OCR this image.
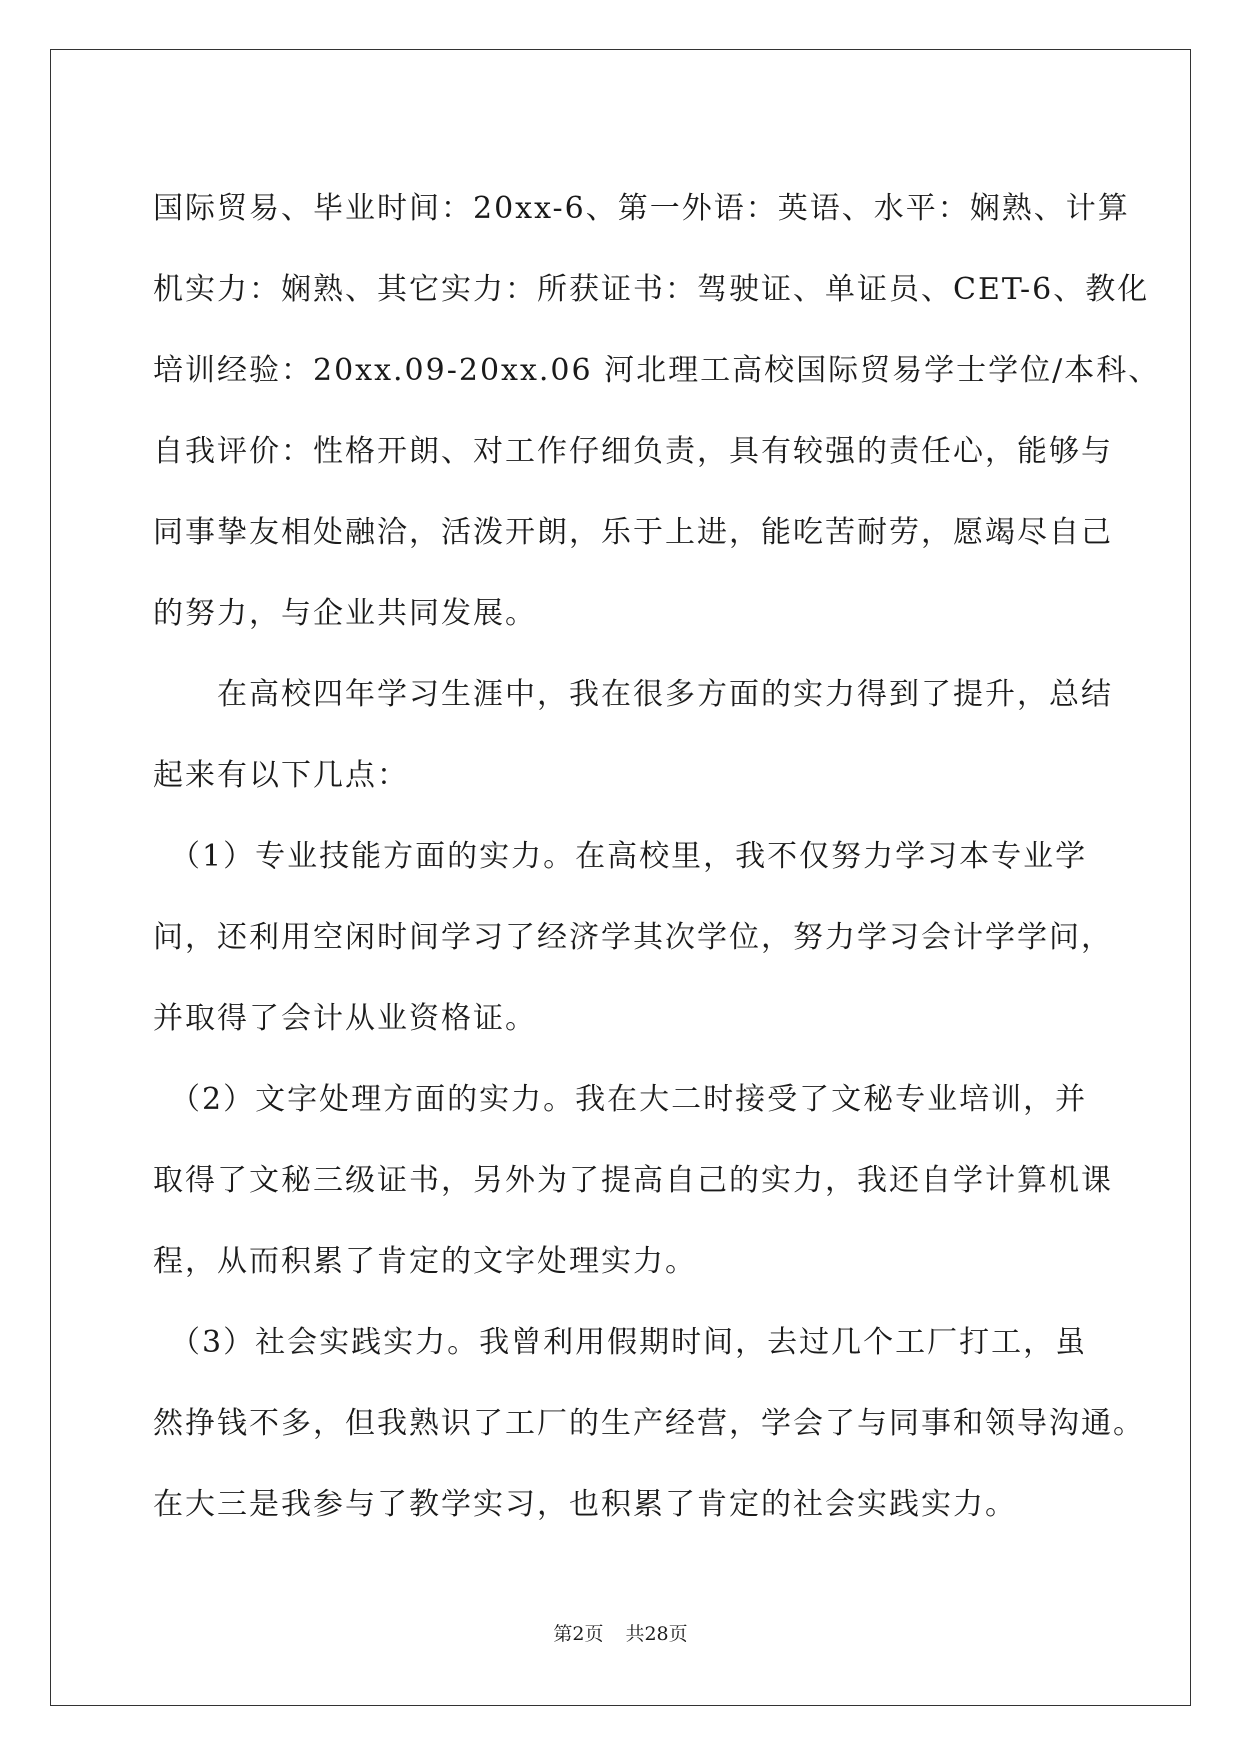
国际贸易、毕业时间：20xx-6、第一外语：英语、水平：娴熟、计算
机实力：娴熟、其它实力：所获证书：驾驶证、单证员、CET-6、教化
培训经验：20xx.09-20xx.06 河北理工高校国际贸易学士学位/本科、
自我评价：性格开朗、对工作仔细负责，具有较强的责任心，能够与
同事挚友相处融洽，活泼开朗，乐于上进，能吃苦耐劳，愿竭尽自己
的努力，与企业共同发展。
　　在高校四年学习生涯中，我在很多方面的实力得到了提升，总结
起来有以下几点：
　（1）专业技能方面的实力。在高校里，我不仅努力学习本专业学
问，还利用空闲时间学习了经济学其次学位，努力学习会计学学问，
并取得了会计从业资格证。
　（2）文字处理方面的实力。我在大二时接受了文秘专业培训，并
取得了文秘三级证书，另外为了提高自己的实力，我还自学计算机课
程，从而积累了肯定的文字处理实力。
　（3）社会实践实力。我曾利用假期时间，去过几个工厂打工，虽
然挣钱不多，但我熟识了工厂的生产经营，学会了与同事和领导沟通。
在大三是我参与了教学实习，也积累了肯定的社会实践实力。
第2页 共28页
